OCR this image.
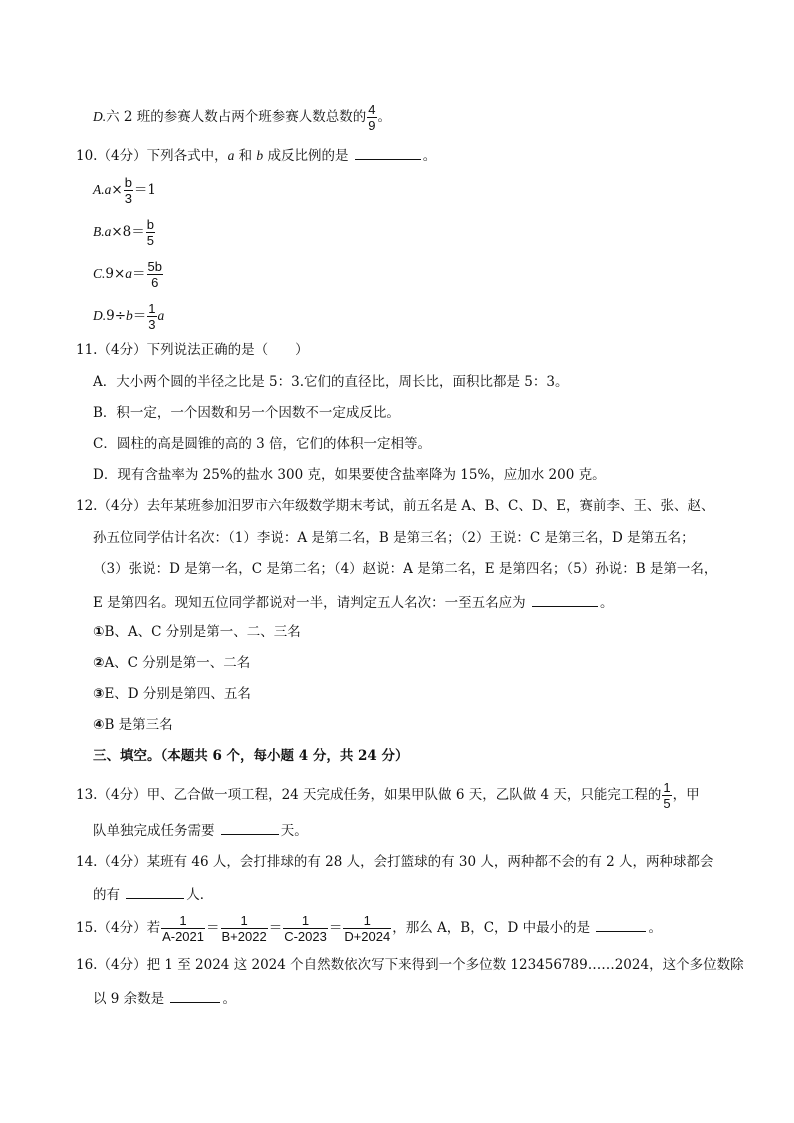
D.六 2 班的参赛人数占两个班参赛人数总数的 $\frac{4}{9}$ 。
10.（4分）下列各式中，a 和 b 成反比例的是	。
$A.a\times \frac{b}{3} =1$
$B.a\times 8= \frac{b}{5}$
$C.9\times a= \frac{5b}{6}$
$D.9\div b= \frac{1}{3}$ a
11.（4分）下列说法正确的是（　　）
A．大小两个圆的半径之比是 5：3.它们的直径比，周长比，面积比都是 5：3。
B．积一定，一个因数和另一个因数不一定成反比。
C．圆柱的高是圆锥的高的 3 倍，它们的体积一定相等。
D．现有含盐率为 25%的盐水 300 克，如果要使含盐率降为 15%，应加水 200 克。
12.（4分）去年某班参加汨罗市六年级数学期末考试，前五名是 A、B、C、D、E，赛前李、王、张、赵、
孙五位同学估计名次：（1）李说：A 是第二名，B 是第三名；（2）王说：C 是第三名，D 是第五名；
（3）张说：D 是第一名，C 是第二名；（4）赵说：A 是第二名，E 是第四名；（5）孙说：B 是第一名，
E 是第四名。现知五位同学都说对一半，请判定五人名次：一至五名应为	。
①B、A、C 分别是第一、二、三名
②A、C 分别是第一、二名
③E、D 分别是第四、五名
④B 是第三名
三、填空。（本题共 6 个，每小题 4 分，共 24 分）
13.（4分）甲、乙合做一项工程，24 天完成任务，如果甲队做 6 天，乙队做 4 天，只能完工程的 $\frac{1}{5}$ ，甲
队单独完成任务需要	天。
14.（4分）某班有 46 人，会打排球的有 28 人，会打篮球的有 30 人，两种都不会的有 2 人，两种球都会
的有	人．
15.（4分）若 $\frac{1}{A-2021} = \frac{1}{B+2022} = \frac{1}{C-2023} = \frac{1}{D+2024}$ ，那么 A，B，C，D 中最小的是	。
16.（4分）把 1 至 2024 这 2024 个自然数依次写下来得到一个多位数 123456789……2024，这个多位数除
以 9 余数是	。
